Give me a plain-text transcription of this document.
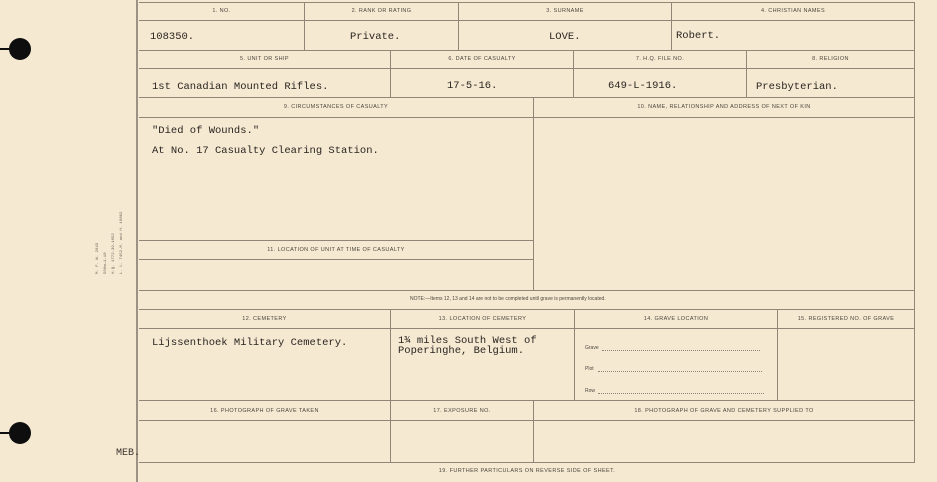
M. F. W. 2043 500m—1-18 H.Q. 1772-39-1052 L. L. 7452-M. and H. 10862
MEB.
1. NO.	2. RANK OR RATING	3. SURNAME	4. CHRISTIAN NAMES
108350.	Private.	LOVE.	Robert.
5. UNIT OR SHIP	6. DATE OF CASUALTY	7. H.Q. FILE NO.	8. RELIGION
1st Canadian Mounted Rifles.	17-5-16.	649-L-1916.	Presbyterian.
9. CIRCUMSTANCES OF CASUALTY	10. NAME, RELATIONSHIP AND ADDRESS OF NEXT OF KIN
"Died of Wounds."
At No. 17 Casualty Clearing Station.
11. LOCATION OF UNIT AT TIME OF CASUALTY
NOTE:—Items 12, 13 and 14 are not to be completed until grave is permanently located.
12. CEMETERY	13. LOCATION OF CEMETERY	14. GRAVE LOCATION	15. REGISTERED NO. OF GRAVE
Lijssenthoek Military Cemetery.	1¾ miles South West of
Poperinghe, Belgium.	Grave
Plot
Row
16. PHOTOGRAPH OF GRAVE TAKEN	17. EXPOSURE NO.	18. PHOTOGRAPH OF GRAVE AND CEMETERY SUPPLIED TO
19. FURTHER PARTICULARS ON REVERSE SIDE OF SHEET.
